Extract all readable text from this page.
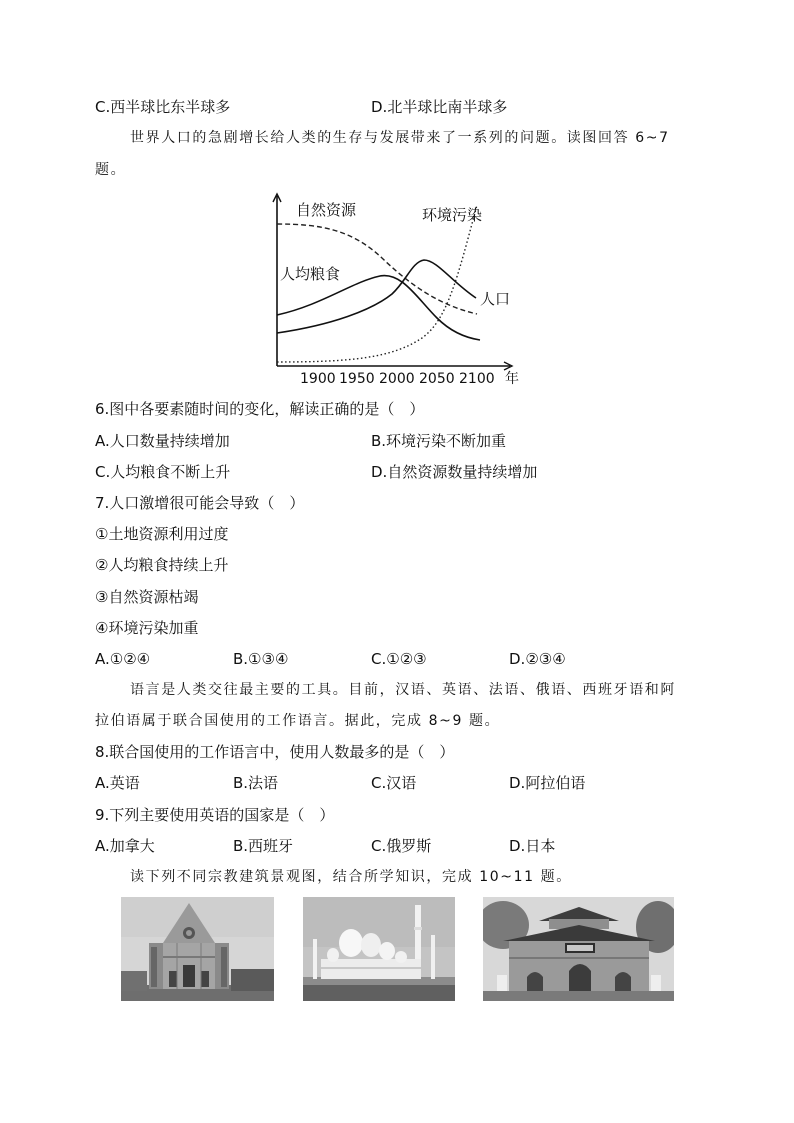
C.西半球比东半球多	D.北半球比南半球多
世界人口的急剧增长给人类的生存与发展带来了一系列的问题。读图回答 6~7
题。
自然资源	环境污染
人均粮食
人口
1900 1950 2000 2050 2100 年
6.图中各要素随时间的变化，解读正确的是（　）
A.人口数量持续增加	B.环境污染不断加重
C.人均粮食不断上升	D.自然资源数量持续增加
7.人口激增很可能会导致（　）
①土地资源利用过度
②人均粮食持续上升
③自然资源枯竭
④环境污染加重
A.①②④	B.①③④	C.①②③	D.②③④
语言是人类交往最主要的工具。目前，汉语、英语、法语、俄语、西班牙语和阿
拉伯语属于联合国使用的工作语言。据此，完成 8~9 题。
8.联合国使用的工作语言中，使用人数最多的是（　）
A.英语	B.法语	C.汉语	D.阿拉伯语
9.下列主要使用英语的国家是（　）
A.加拿大	B.西班牙	C.俄罗斯	D.日本
读下列不同宗教建筑景观图，结合所学知识，完成 10~11 题。
